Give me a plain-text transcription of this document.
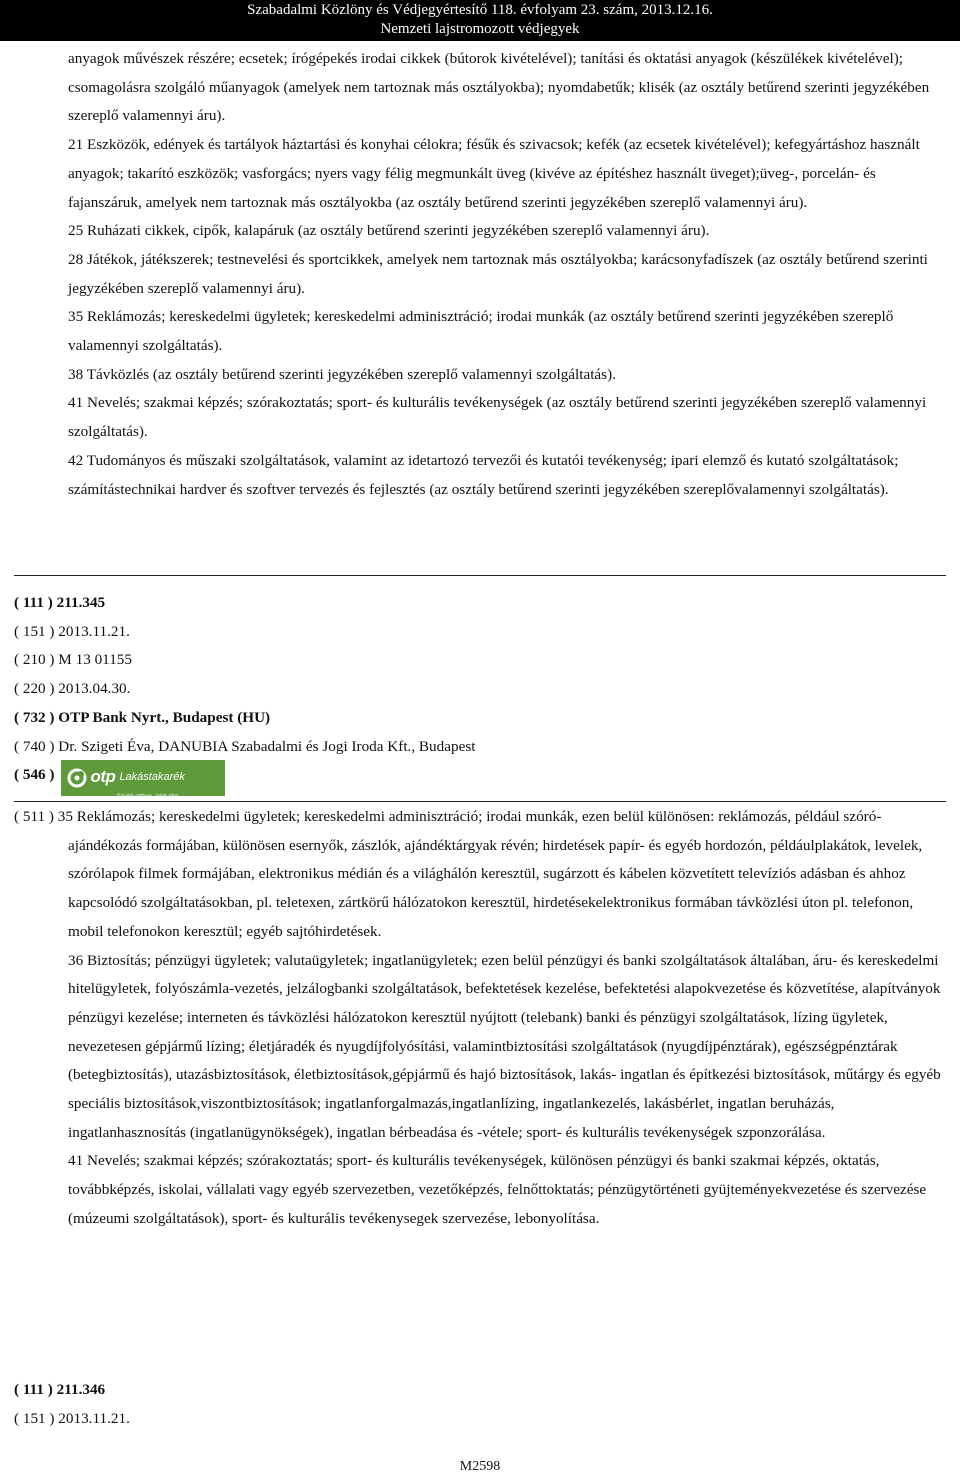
Szabadalmi Közlöny és Védjegyértesítő 118. évfolyam 23. szám, 2013.12.16.
Nemzeti lajstromozott védjegyek

anyagok művészek részére; ecsetek; írógépekés irodai cikkek (bútorok kivételével); tanítási és oktatási anyagok (készülékek kivételével); csomagolásra szolgáló műanyagok (amelyek nem tartoznak más osztályokba); nyomdabetűk; klisék (az osztály betűrend szerinti jegyzékében szereplő valamennyi áru).

21 Eszközök, edények és tartályok háztartási és konyhai célokra; fésűk és szivacsok; kefék (az ecsetek kivételével); kefegyártáshoz használt anyagok; takarító eszközök; vasforgács; nyers vagy félig megmunkált üveg (kivéve az építéshez használt üveget);üveg-, porcelán- és fajanszáruk, amelyek nem tartoznak más osztályokba (az osztály betűrend szerinti jegyzékében szereplő valamennyi áru).

25 Ruházati cikkek, cipők, kalapáruk (az osztály betűrend szerinti jegyzékében szereplő valamennyi áru).

28 Játékok, játékszerek; testnevelési és sportcikkek, amelyek nem tartoznak más osztályokba; karácsonyfadíszek (az osztály betűrend szerinti jegyzékében szereplő valamennyi áru).

35 Reklámozás; kereskedelmi ügyletek; kereskedelmi adminisztráció; irodai munkák (az osztály betűrend szerinti jegyzékében szereplő valamennyi szolgáltatás).

38 Távközlés (az osztály betűrend szerinti jegyzékében szereplő valamennyi szolgáltatás).

41 Nevelés; szakmai képzés; szórakoztatás; sport- és kulturális tevékenységek (az osztály betűrend szerinti jegyzékében szereplő valamennyi szolgáltatás).

42 Tudományos és műszaki szolgáltatások, valamint az idetartozó tervezői és kutatói tevékenység; ipari elemző és kutató szolgáltatások; számítástechnikai hardver és szoftver tervezés és fejlesztés (az osztály betűrend szerinti jegyzékében szereplővalamennyi szolgáltatás).

( 111 ) 211.345
( 151 ) 2013.11.21.
( 210 ) M 13 01155
( 220 ) 2013.04.30.
( 732 ) OTP Bank Nyrt., Budapest (HU)
( 740 ) Dr. Szigeti Éva, DANUBIA Szabadalmi és Jogi Iroda Kft., Budapest
( 546 ) otp Lakástakarék
Szebb otthon, jobb élet

( 511 ) 35 Reklámozás; kereskedelmi ügyletek; kereskedelmi adminisztráció; irodai munkák, ezen belül különösen: reklámozás, például szóró-ajándékozás formájában, különösen esernyők, zászlók, ajándéktárgyak révén; hirdetések papír- és egyéb hordozón, példáulplakátok, levelek, szórólapok filmek formájában, elektronikus médián és a világhálón keresztül, sugárzott és kábelen közvetített televíziós adásban és ahhoz kapcsolódó szolgáltatásokban, pl. teletexen, zártkörű hálózatokon keresztül, hirdetésekelektronikus formában távközlési úton pl. telefonon, mobil telefonokon keresztül; egyéb sajtóhirdetések.

36 Biztosítás; pénzügyi ügyletek; valutaügyletek; ingatlanügyletek; ezen belül pénzügyi és banki szolgáltatások általában, áru- és kereskedelmi hitelügyletek, folyószámla-vezetés, jelzálogbanki szolgáltatások, befektetések kezelése, befektetési alapokvezetése és közvetítése, alapítványok pénzügyi kezelése; interneten és távközlési hálózatokon keresztül nyújtott (telebank) banki és pénzügyi szolgáltatások, lízing ügyletek, nevezetesen gépjármű lízing; életjáradék és nyugdíjfolyósítási, valamintbiztosítási szolgáltatások (nyugdíjpénztárak), egészségpénztárak (betegbiztosítás), utazásbiztosítások, életbiztosítások,gépjármű és hajó biztosítások, lakás- ingatlan és építkezési biztosítások, műtárgy és egyéb speciális biztosítások,viszontbiztosítások; ingatlanforgalmazás,ingatlanlízing, ingatlankezelés, lakásbérlet, ingatlan beruházás, ingatlanhasznosítás (ingatlanügynökségek), ingatlan bérbeadása és -vétele; sport- és kulturális tevékenységek szponzorálása.

41 Nevelés; szakmai képzés; szórakoztatás; sport- és kulturális tevékenységek, különösen pénzügyi és banki szakmai képzés, oktatás, továbbképzés, iskolai, vállalati vagy egyéb szervezetben, vezetőképzés, felnőttoktatás; pénzügytörténeti gyüjteményekvezetése és szervezése (múzeumi szolgáltatások), sport- és kulturális tevékenysegek szervezése, lebonyolítása.

( 111 ) 211.346
( 151 ) 2013.11.21.
M2598
